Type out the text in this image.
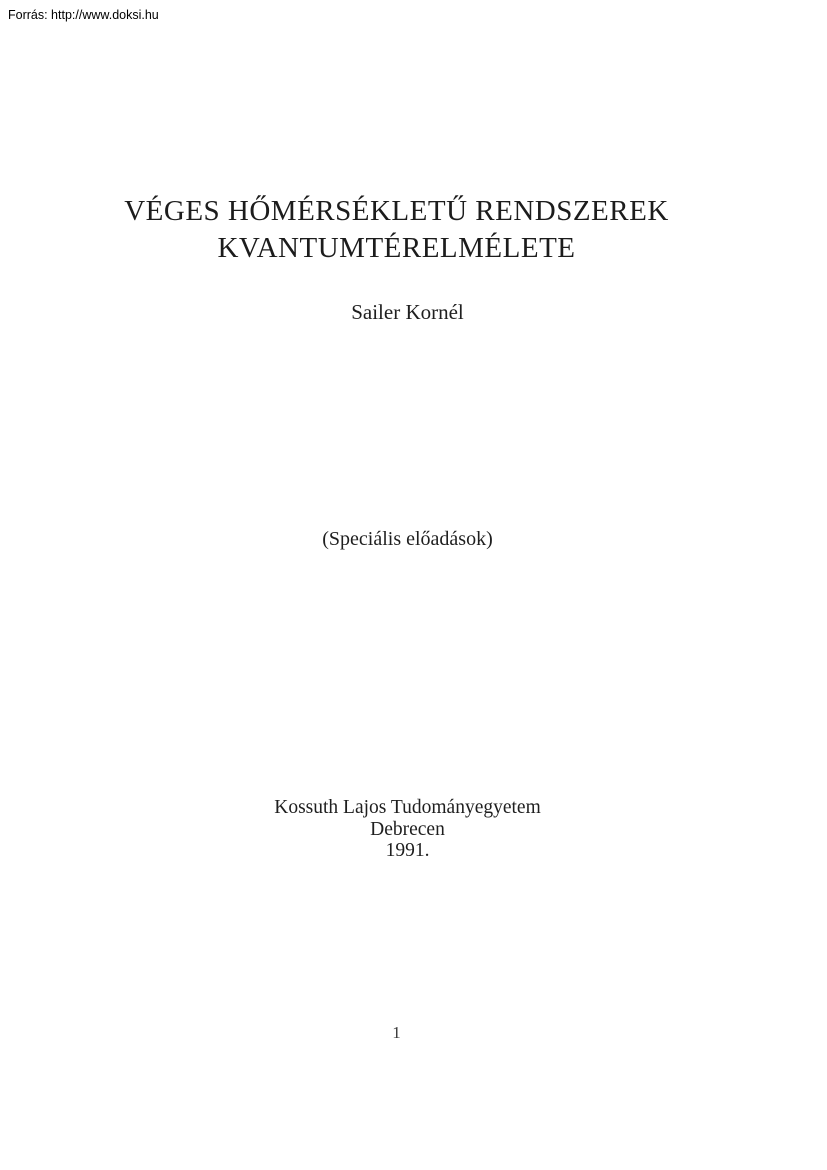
Forrás: http://www.doksi.hu
VÉGES HŐMÉRSÉKLETŰ RENDSZEREK
KVANTUMTÉRELMÉLETE
Sailer Kornél
(Speciális előadások)
Kossuth Lajos Tudományegyetem
Debrecen
1991.
1
